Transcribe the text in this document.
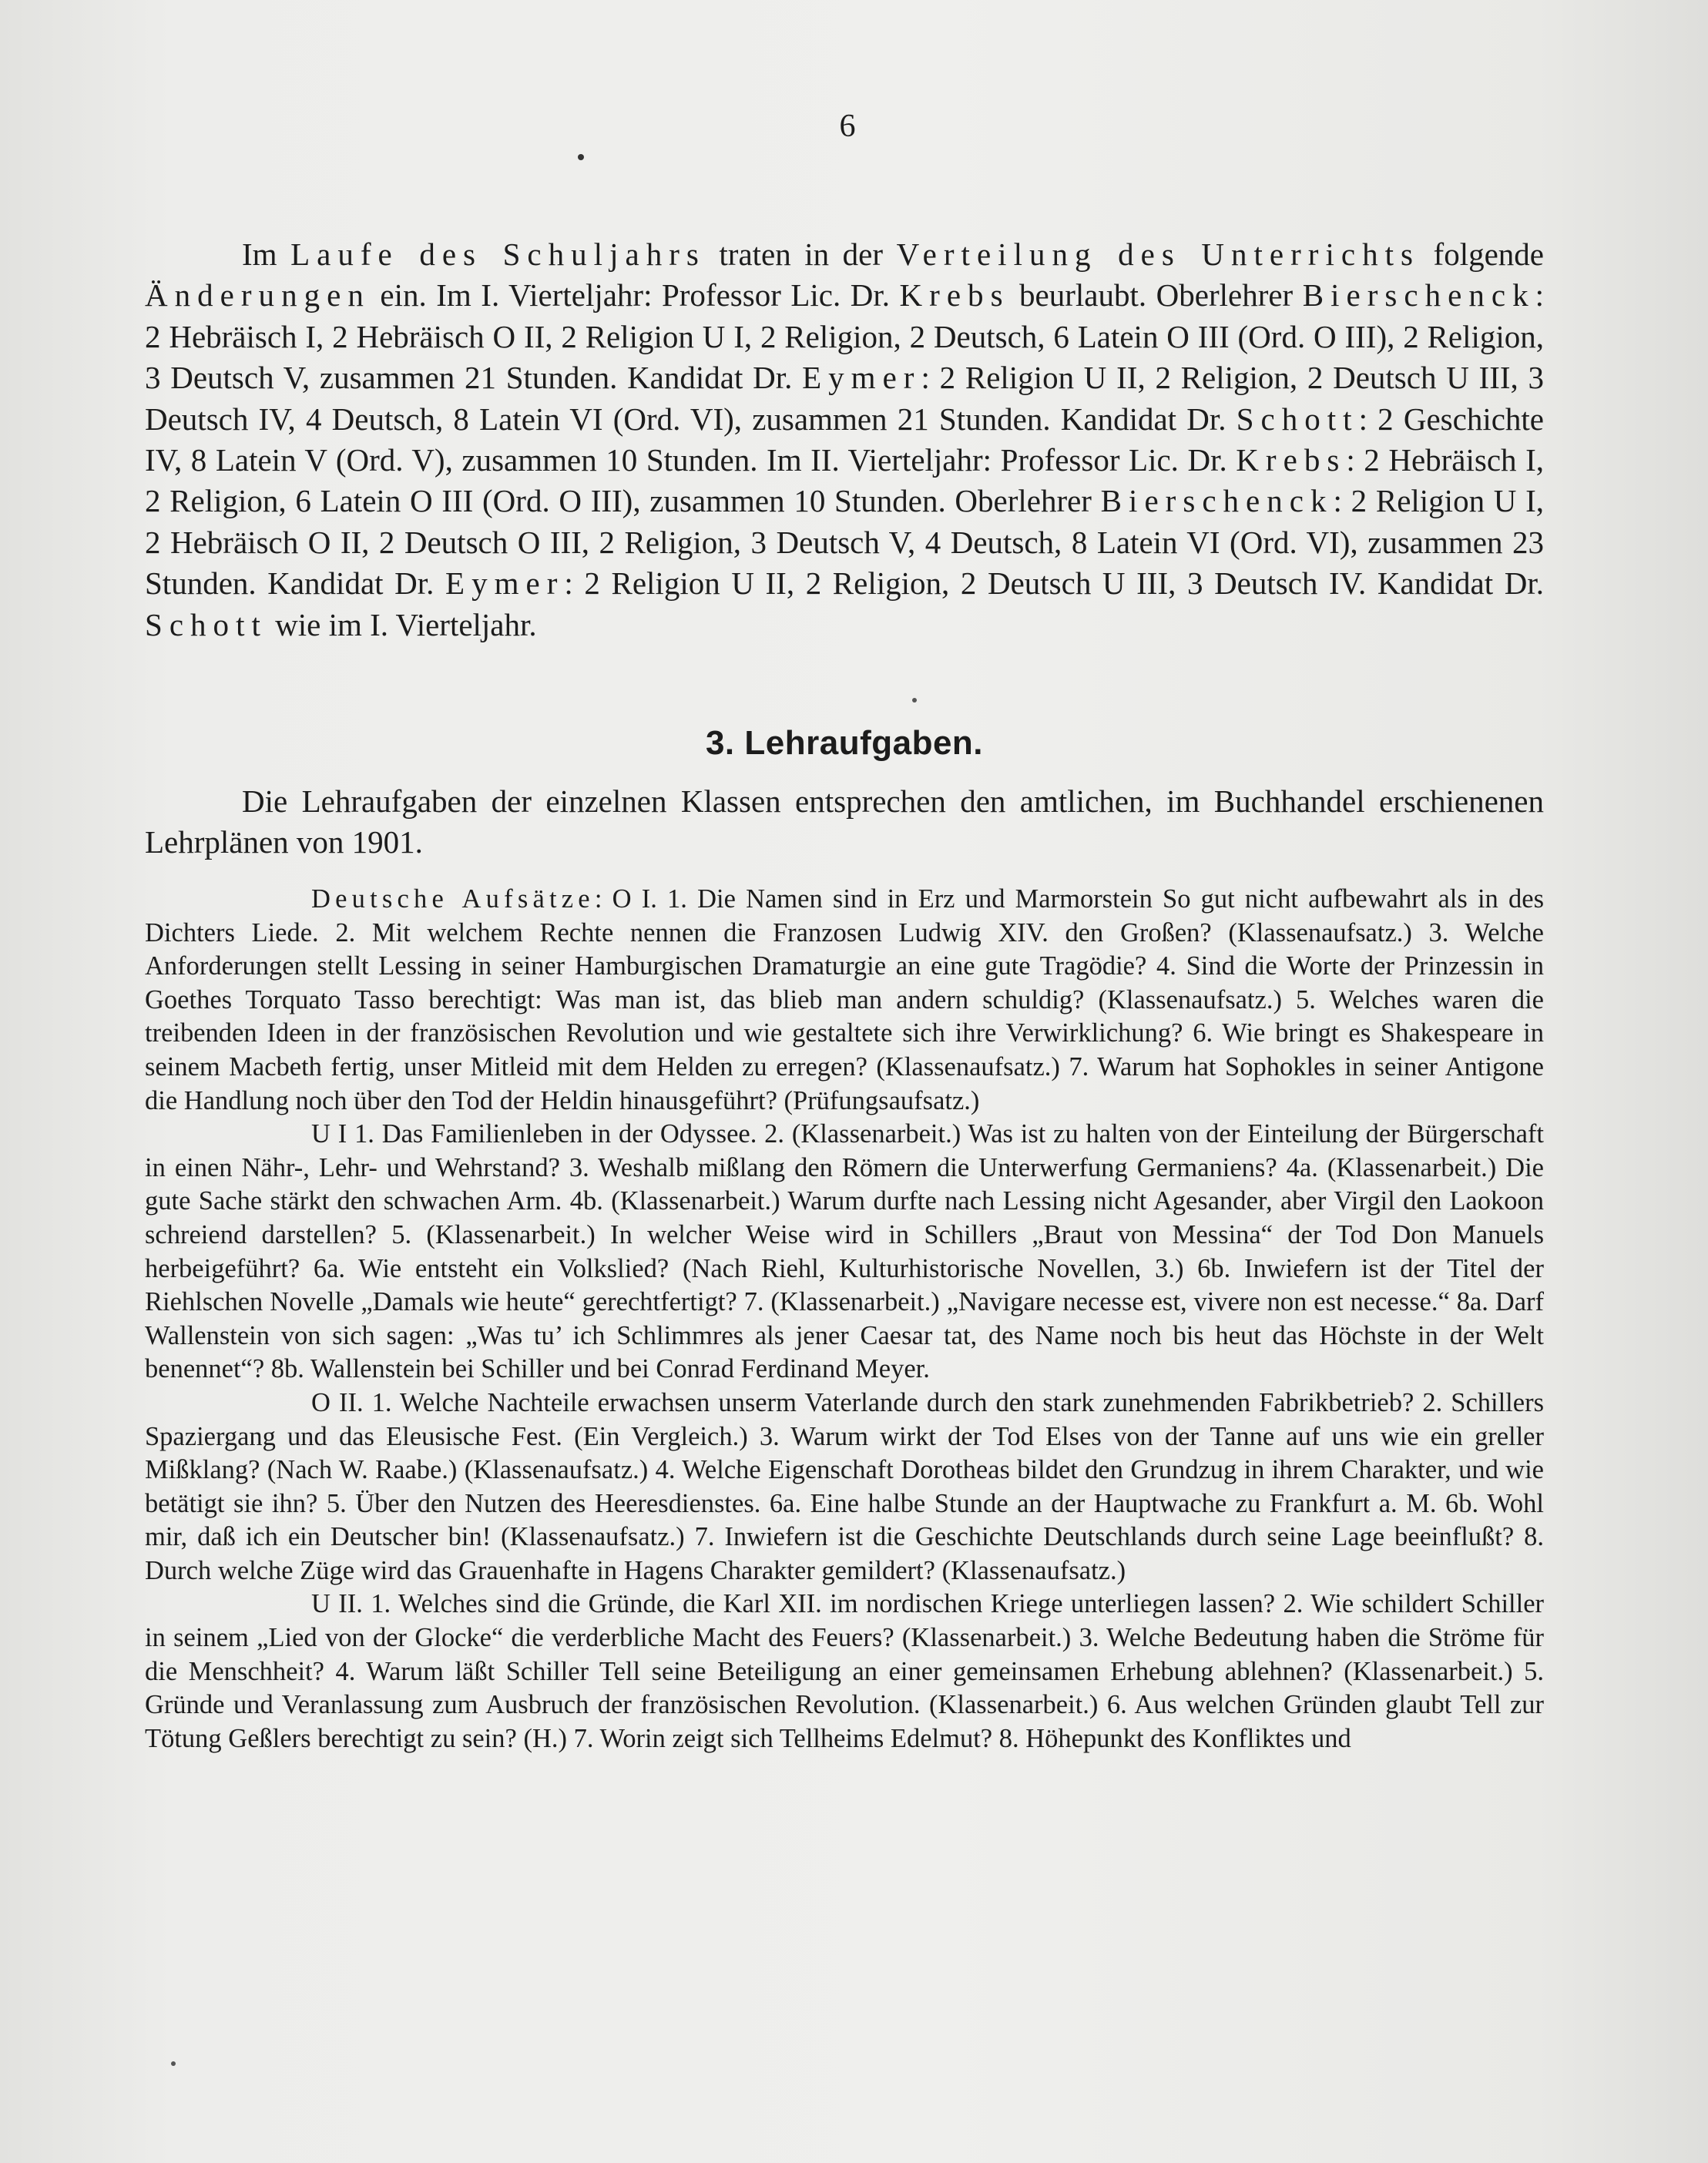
6

Im Laufe des Schuljahrs traten in der Verteilung des Unterrichts folgende Änderungen ein. Im I. Vierteljahr: Professor Lic. Dr. Krebs beurlaubt. Oberlehrer Bierschenck: 2 Hebräisch I, 2 Hebräisch O II, 2 Religion U I, 2 Religion, 2 Deutsch, 6 Latein O III (Ord. O III), 2 Religion, 3 Deutsch V, zusammen 21 Stunden. Kandidat Dr. Eymer: 2 Religion U II, 2 Religion, 2 Deutsch U III, 3 Deutsch IV, 4 Deutsch, 8 Latein VI (Ord. VI), zusammen 21 Stunden. Kandidat Dr. Schott: 2 Geschichte IV, 8 Latein V (Ord. V), zusammen 10 Stunden. Im II. Vierteljahr: Professor Lic. Dr. Krebs: 2 Hebräisch I, 2 Religion, 6 Latein O III (Ord. O III), zusammen 10 Stunden. Oberlehrer Bierschenck: 2 Religion U I, 2 Hebräisch O II, 2 Deutsch O III, 2 Religion, 3 Deutsch V, 4 Deutsch, 8 Latein VI (Ord. VI), zusammen 23 Stunden. Kandidat Dr. Eymer: 2 Religion U II, 2 Religion, 2 Deutsch U III, 3 Deutsch IV. Kandidat Dr. Schott wie im I. Vierteljahr.

3. Lehraufgaben.

Die Lehraufgaben der einzelnen Klassen entsprechen den amtlichen, im Buchhandel erschienenen Lehrplänen von 1901.

Deutsche Aufsätze: O I. 1. Die Namen sind in Erz und Marmorstein So gut nicht aufbewahrt als in des Dichters Liede. 2. Mit welchem Rechte nennen die Franzosen Ludwig XIV. den Großen? (Klassenaufsatz.) 3. Welche Anforderungen stellt Lessing in seiner Hamburgischen Dramaturgie an eine gute Tragödie? 4. Sind die Worte der Prinzessin in Goethes Torquato Tasso berechtigt: Was man ist, das blieb man andern schuldig? (Klassenaufsatz.) 5. Welches waren die treibenden Ideen in der französischen Revolution und wie gestaltete sich ihre Verwirklichung? 6. Wie bringt es Shakespeare in seinem Macbeth fertig, unser Mitleid mit dem Helden zu erregen? (Klassenaufsatz.) 7. Warum hat Sophokles in seiner Antigone die Handlung noch über den Tod der Heldin hinausgeführt? (Prüfungsaufsatz.)

U I 1. Das Familienleben in der Odyssee. 2. (Klassenarbeit.) Was ist zu halten von der Einteilung der Bürgerschaft in einen Nähr-, Lehr- und Wehrstand? 3. Weshalb mißlang den Römern die Unterwerfung Germaniens? 4a. (Klassenarbeit.) Die gute Sache stärkt den schwachen Arm. 4b. (Klassenarbeit.) Warum durfte nach Lessing nicht Agesander, aber Virgil den Laokoon schreiend darstellen? 5. (Klassenarbeit.) In welcher Weise wird in Schillers „Braut von Messina“ der Tod Don Manuels herbeigeführt? 6a. Wie entsteht ein Volkslied? (Nach Riehl, Kulturhistorische Novellen, 3.) 6b. Inwiefern ist der Titel der Riehlschen Novelle „Damals wie heute“ gerechtfertigt? 7. (Klassenarbeit.) „Navigare necesse est, vivere non est necesse.“ 8a. Darf Wallenstein von sich sagen: „Was tu’ ich Schlimmres als jener Caesar tat, des Name noch bis heut das Höchste in der Welt benennet“? 8b. Wallenstein bei Schiller und bei Conrad Ferdinand Meyer.

O II. 1. Welche Nachteile erwachsen unserm Vaterlande durch den stark zunehmenden Fabrikbetrieb? 2. Schillers Spaziergang und das Eleusische Fest. (Ein Vergleich.) 3. Warum wirkt der Tod Elses von der Tanne auf uns wie ein greller Mißklang? (Nach W. Raabe.) (Klassenaufsatz.) 4. Welche Eigenschaft Dorotheas bildet den Grundzug in ihrem Charakter, und wie betätigt sie ihn? 5. Über den Nutzen des Heeresdienstes. 6a. Eine halbe Stunde an der Hauptwache zu Frankfurt a. M. 6b. Wohl mir, daß ich ein Deutscher bin! (Klassenaufsatz.) 7. Inwiefern ist die Geschichte Deutschlands durch seine Lage beeinflußt? 8. Durch welche Züge wird das Grauenhafte in Hagens Charakter gemildert? (Klassenaufsatz.)

U II. 1. Welches sind die Gründe, die Karl XII. im nordischen Kriege unterliegen lassen? 2. Wie schildert Schiller in seinem „Lied von der Glocke“ die verderbliche Macht des Feuers? (Klassenarbeit.) 3. Welche Bedeutung haben die Ströme für die Menschheit? 4. Warum läßt Schiller Tell seine Beteiligung an einer gemeinsamen Erhebung ablehnen? (Klassenarbeit.) 5. Gründe und Veranlassung zum Ausbruch der französischen Revolution. (Klassenarbeit.) 6. Aus welchen Gründen glaubt Tell zur Tötung Geßlers berechtigt zu sein? (H.) 7. Worin zeigt sich Tellheims Edelmut? 8. Höhepunkt des Konfliktes und
